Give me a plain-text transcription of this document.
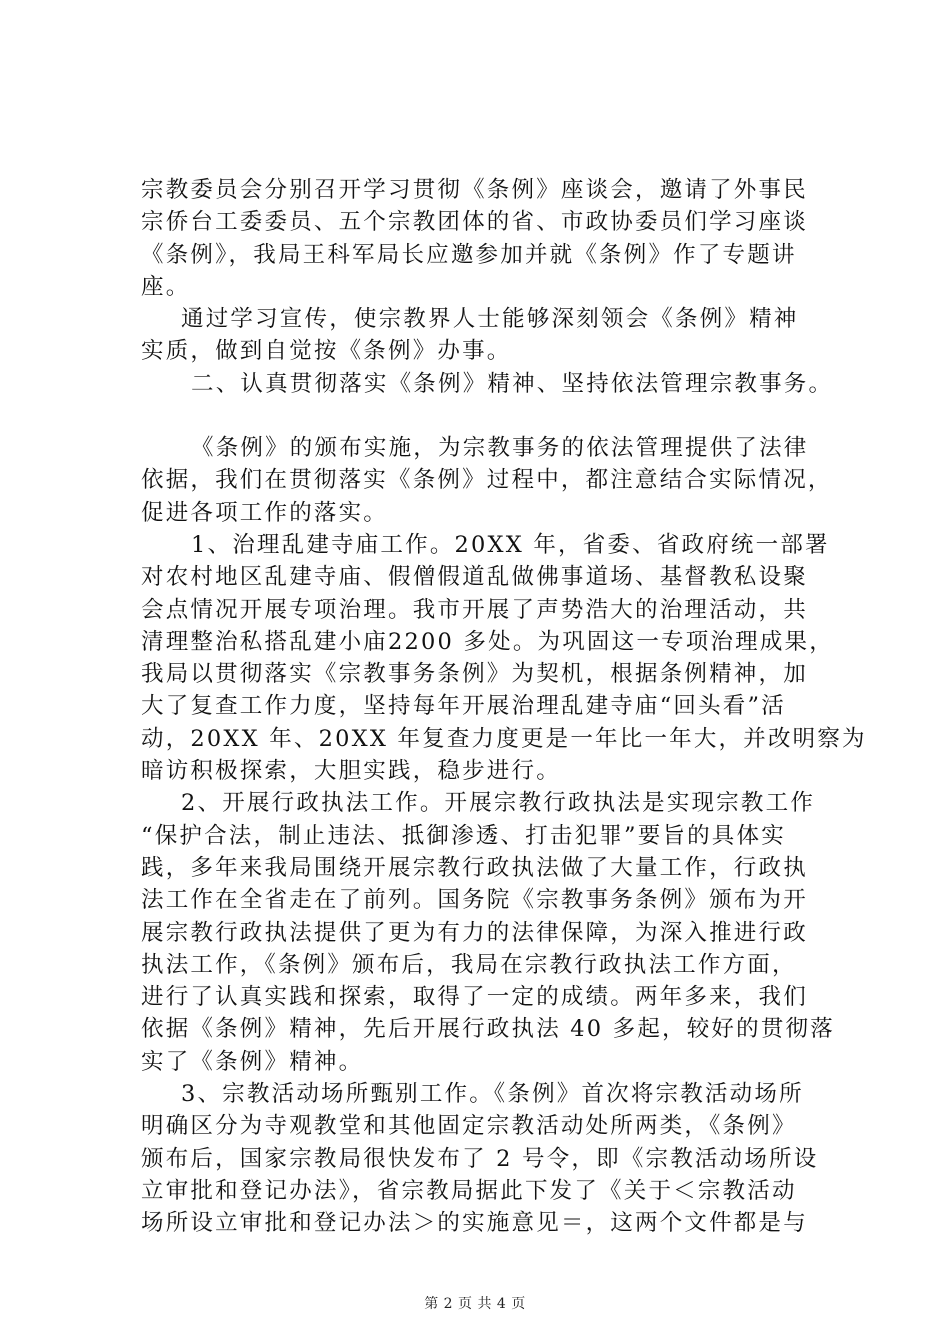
宗教委员会分别召开学习贯彻《条例》座谈会，邀请了外事民
宗侨台工委委员、五个宗教团体的省、市政协委员们学习座谈
《条例》，我局王科军局长应邀参加并就《条例》作了专题讲
座。

通过学习宣传，使宗教界人士能够深刻领会《条例》精神
实质，做到自觉按《条例》办事。

二、认真贯彻落实《条例》精神、坚持依法管理宗教事务。

《条例》的颁布实施，为宗教事务的依法管理提供了法律
依据，我们在贯彻落实《条例》过程中，都注意结合实际情况，
促进各项工作的落实。

1、治理乱建寺庙工作。20XX 年，省委、省政府统一部署
对农村地区乱建寺庙、假僧假道乱做佛事道场、基督教私设聚
会点情况开展专项治理。我市开展了声势浩大的治理活动，共
清理整治私搭乱建小庙2200 多处。为巩固这一专项治理成果，
我局以贯彻落实《宗教事务条例》为契机，根据条例精神，加
大了复查工作力度，坚持每年开展治理乱建寺庙“回头看”活
动，20XX 年、20XX 年复查力度更是一年比一年大，并改明察为
暗访积极探索，大胆实践，稳步进行。

2、开展行政执法工作。开展宗教行政执法是实现宗教工作
“保护合法，制止违法、抵御渗透、打击犯罪”要旨的具体实
践，多年来我局围绕开展宗教行政执法做了大量工作，行政执
法工作在全省走在了前列。国务院《宗教事务条例》颁布为开
展宗教行政执法提供了更为有力的法律保障，为深入推进行政
执法工作，《条例》颁布后，我局在宗教行政执法工作方面，
进行了认真实践和探索，取得了一定的成绩。两年多来，我们
依据《条例》精神，先后开展行政执法 40 多起，较好的贯彻落
实了《条例》精神。

3、宗教活动场所甄别工作。《条例》首次将宗教活动场所
明确区分为寺观教堂和其他固定宗教活动处所两类，《条例》
颁布后，国家宗教局很快发布了 2 号令，即《宗教活动场所设
立审批和登记办法》，省宗教局据此下发了《关于＜宗教活动
场所设立审批和登记办法＞的实施意见＝，这两个文件都是与

第 2 页 共 4 页
